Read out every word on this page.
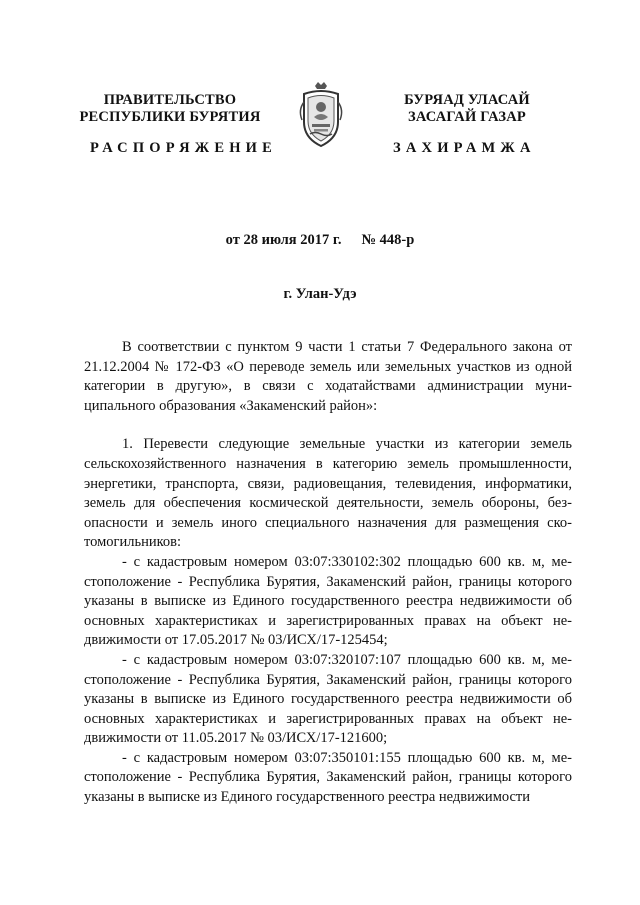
ПРАВИТЕЛЬСТВО
РЕСПУБЛИКИ БУРЯТИЯ
БУРЯАД УЛАСАЙ
ЗАСАГАЙ ГАЗАР
РАСПОРЯЖЕНИЕ	ЗАХИРАМЖА
от 28 июля 2017 г. № 448-р
г. Улан-Удэ

В соответствии с пунктом 9 части 1 статьи 7 Федерального закона от 21.12.2004 № 172-ФЗ «О переводе земель или земельных участков из одной категории в другую», в связи с ходатайствами администрации муниципального образования «Закаменский район»:

1. Перевести следующие земельные участки из категории земель сельскохозяйственного назначения в категорию земель промышленности, энергетики, транспорта, связи, радиовещания, телевидения, информатики, земель для обеспечения космической деятельности, земель обороны, безопасности и земель иного специального назначения для размещения скотомогильников:

- с кадастровым номером 03:07:330102:302 площадью 600 кв. м, местоположение - Республика Бурятия, Закаменский район, границы которого указаны в выписке из Единого государственного реестра недвижимости об основных характеристиках и зарегистрированных правах на объект недвижимости от 17.05.2017 № 03/ИСХ/17-125454;

- с кадастровым номером 03:07:320107:107 площадью 600 кв. м, местоположение - Республика Бурятия, Закаменский район, границы которого указаны в выписке из Единого государственного реестра недвижимости об основных характеристиках и зарегистрированных правах на объект недвижимости от 11.05.2017 № 03/ИСХ/17-121600;

- с кадастровым номером 03:07:350101:155 площадью 600 кв. м, местоположение - Республика Бурятия, Закаменский район, границы которого указаны в выписке из Единого государственного реестра недвижимости
